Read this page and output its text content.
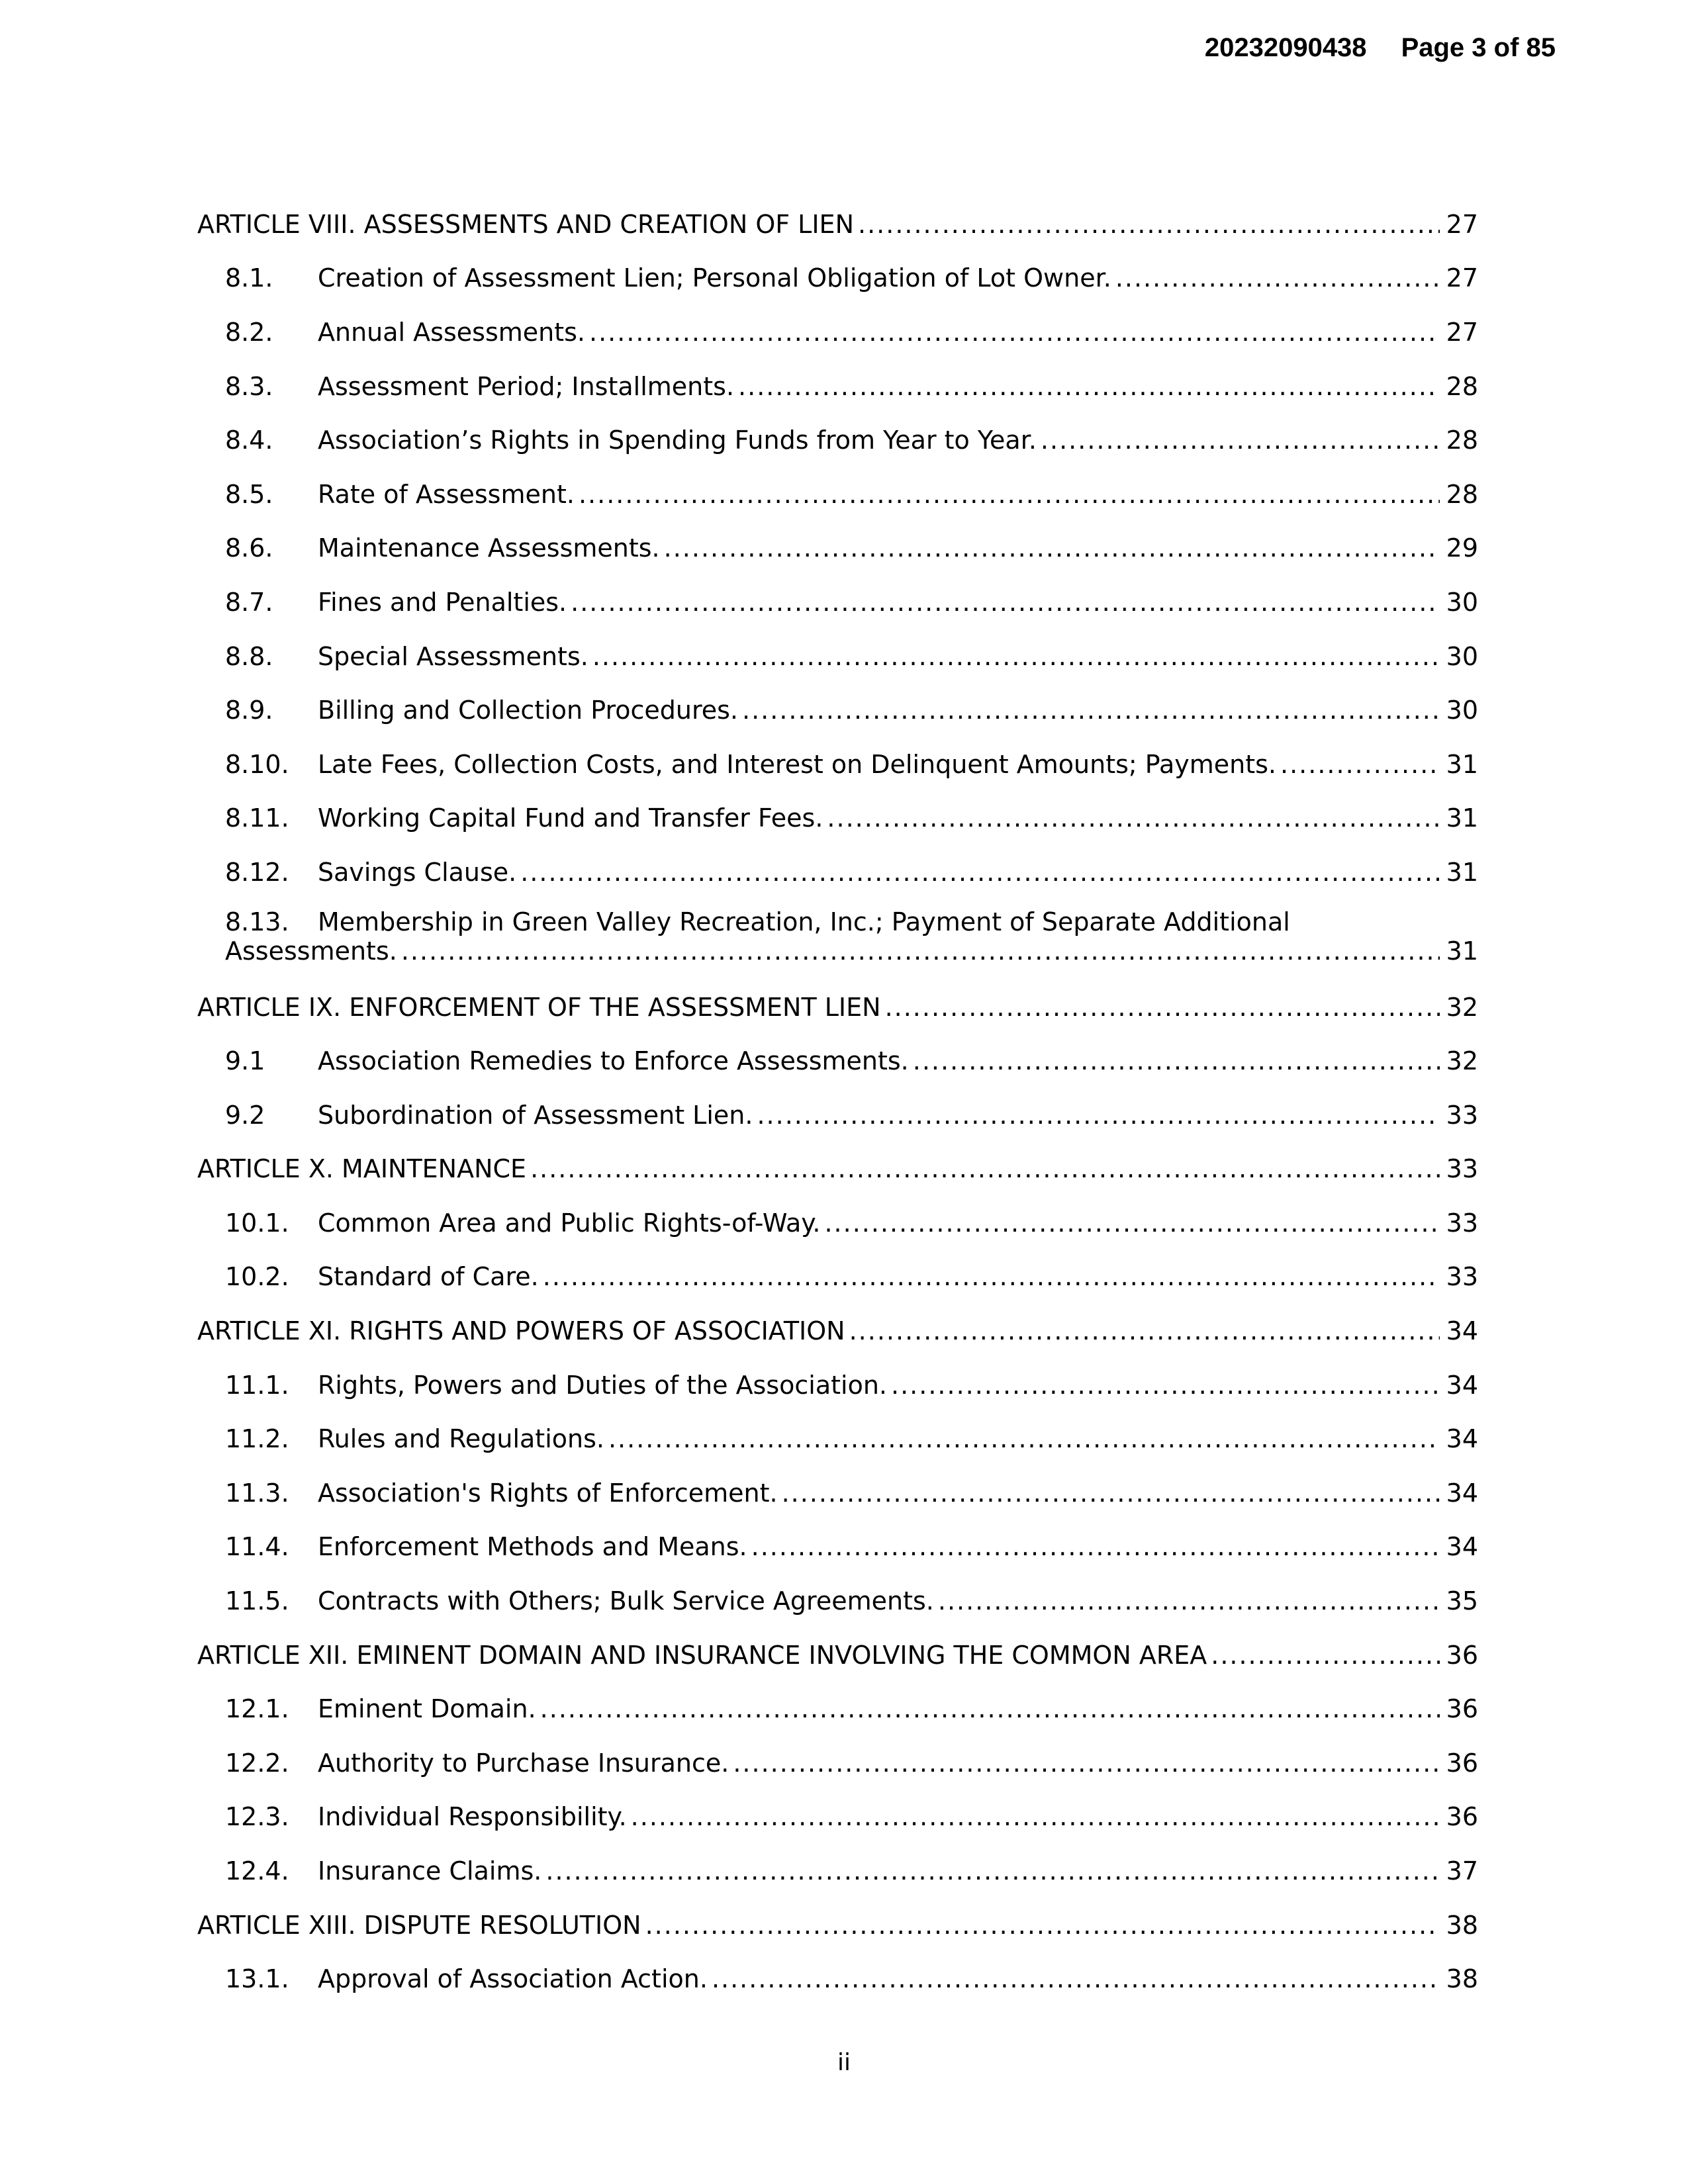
20232090438 Page 3 of 85
ARTICLE VIII. ASSESSMENTS AND CREATION OF LIEN .....	27
8.1.	Creation of Assessment Lien; Personal Obligation of Lot Owner. .....	27
8.2.	Annual Assessments. .....	27
8.3.	Assessment Period; Installments. .....	28
8.4.	Association’s Rights in Spending Funds from Year to Year. .....	28
8.5.	Rate of Assessment. .....	28
8.6.	Maintenance Assessments. .....	29
8.7.	Fines and Penalties. .....	30
8.8.	Special Assessments. .....	30
8.9.	Billing and Collection Procedures. .....	30
8.10.	Late Fees, Collection Costs, and Interest on Delinquent Amounts; Payments. .....	31
8.11.	Working Capital Fund and Transfer Fees. .....	31
8.12.	Savings Clause. .....	31
8.13.	Membership in Green Valley Recreation, Inc.; Payment of Separate Additional
Assessments. .....	31
ARTICLE IX. ENFORCEMENT OF THE ASSESSMENT LIEN .....	32
9.1	Association Remedies to Enforce Assessments. .....	32
9.2	Subordination of Assessment Lien. .....	33
ARTICLE X. MAINTENANCE .....	33
10.1.	Common Area and Public Rights-of-Way. .....	33
10.2.	Standard of Care. .....	33
ARTICLE XI. RIGHTS AND POWERS OF ASSOCIATION .....	34
11.1.	Rights, Powers and Duties of the Association. .....	34
11.2.	Rules and Regulations. .....	34
11.3.	Association's Rights of Enforcement. .....	34
11.4.	Enforcement Methods and Means. .....	34
11.5.	Contracts with Others; Bulk Service Agreements. .....	35
ARTICLE XII. EMINENT DOMAIN AND INSURANCE INVOLVING THE COMMON AREA .....	36
12.1.	Eminent Domain. .....	36
12.2.	Authority to Purchase Insurance. .....	36
12.3.	Individual Responsibility. .....	36
12.4.	Insurance Claims. .....	37
ARTICLE XIII. DISPUTE RESOLUTION .....	38
13.1.	Approval of Association Action. .....	38
ii
